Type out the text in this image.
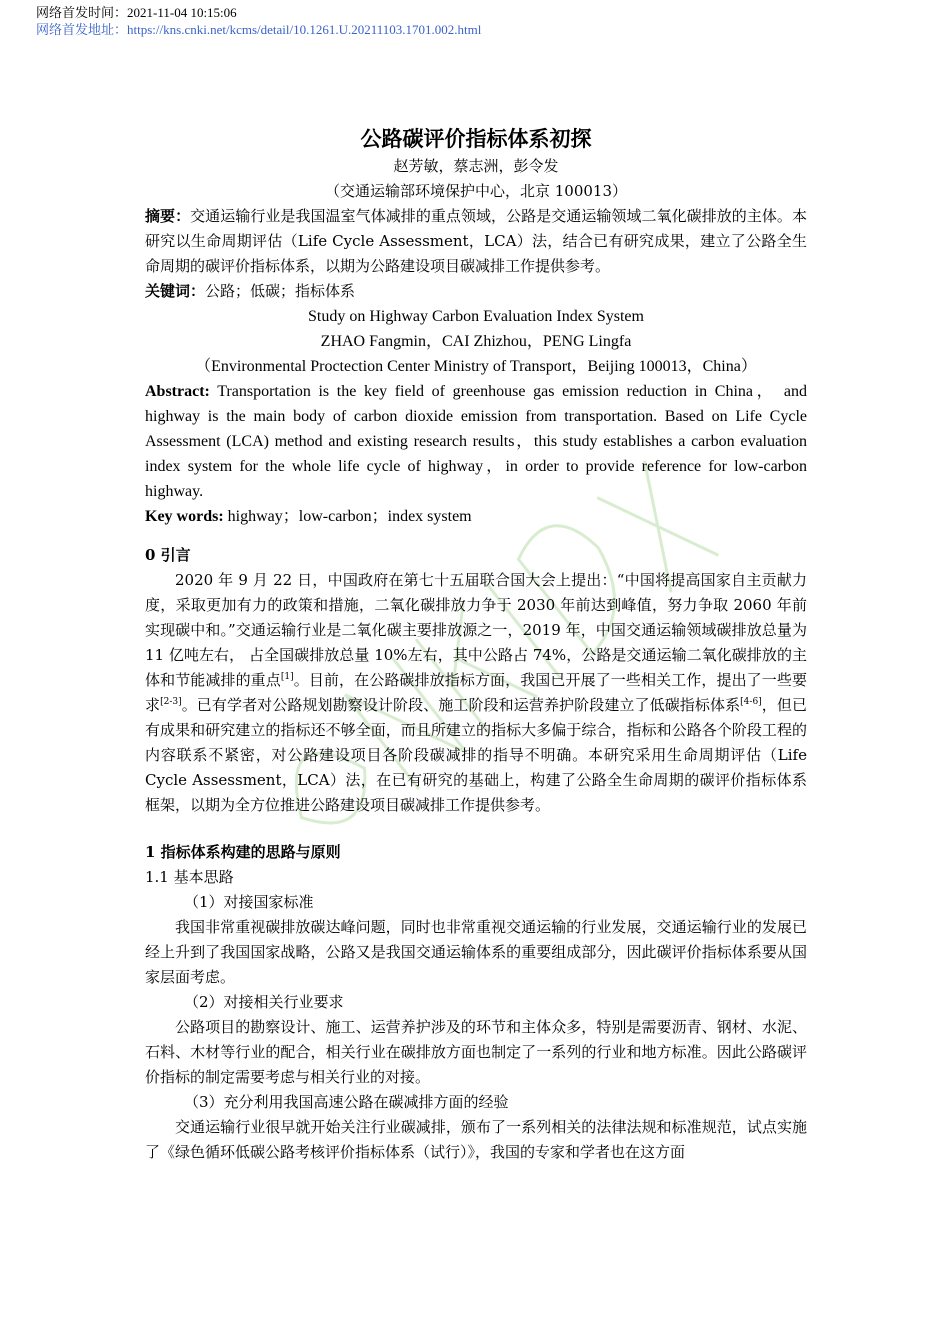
网络首发时间：2021-11-04 10:15:06
网络首发地址：https://kns.cnki.net/kcms/detail/10.1261.U.20211103.1701.002.html
公路碳评价指标体系初探
赵芳敏，蔡志洲，彭令发
（交通运输部环境保护中心，北京 100013）

摘要：交通运输行业是我国温室气体减排的重点领域，公路是交通运输领域二氧化碳排放的主体。本研究以生命周期评估（Life Cycle Assessment，LCA）法，结合已有研究成果，建立了公路全生命周期的碳评价指标体系，以期为公路建设项目碳减排工作提供参考。

关键词：公路；低碳；指标体系

Study on Highway Carbon Evaluation Index System
ZHAO Fangmin，CAI Zhizhou，PENG Lingfa
（Environmental Proctection Center Ministry of Transport，Beijing 100013，China）

Abstract: Transportation is the key field of greenhouse gas emission reduction in China， and highway is the main body of carbon dioxide emission from transportation. Based on Life Cycle Assessment (LCA) method and existing research results，this study establishes a carbon evaluation index system for the whole life cycle of highway，in order to provide reference for low-carbon highway.

Key words: highway；low-carbon；index system

0 引言

2020 年 9 月 22 日，中国政府在第七十五届联合国大会上提出：“中国将提高国家自主贡献力度，采取更加有力的政策和措施，二氧化碳排放力争于 2030 年前达到峰值，努力争取 2060 年前实现碳中和。”交通运输行业是二氧化碳主要排放源之一，2019 年，中国交通运输领域碳排放总量为 11 亿吨左右， 占全国碳排放总量 10%左右，其中公路占 74%，公路是交通运输二氧化碳排放的主体和节能减排的重点[1]。目前，在公路碳排放指标方面，我国已开展了一些相关工作，提出了一些要求[2-3]。已有学者对公路规划勘察设计阶段、施工阶段和运营养护阶段建立了低碳指标体系[4-6]，但已有成果和研究建立的指标还不够全面，而且所建立的指标大多偏于综合，指标和公路各个阶段工程的内容联系不紧密，对公路建设项目各阶段碳减排的指导不明确。本研究采用生命周期评估（Life Cycle Assessment，LCA）法，在已有研究的基础上，构建了公路全生命周期的碳评价指标体系框架，以期为全方位推进公路建设项目碳减排工作提供参考。

1 指标体系构建的思路与原则
1.1 基本思路
（1）对接国家标准

我国非常重视碳排放碳达峰问题，同时也非常重视交通运输的行业发展，交通运输行业的发展已经上升到了我国国家战略，公路又是我国交通运输体系的重要组成部分，因此碳评价指标体系要从国家层面考虑。

（2）对接相关行业要求

公路项目的勘察设计、施工、运营养护涉及的环节和主体众多，特别是需要沥青、钢材、水泥、石料、木材等行业的配合，相关行业在碳排放方面也制定了一系列的行业和地方标准。因此公路碳评价指标的制定需要考虑与相关行业的对接。

（3）充分利用我国高速公路在碳减排方面的经验

交通运输行业很早就开始关注行业碳减排，颁布了一系列相关的法律法规和标准规范，试点实施了《绿色循环低碳公路考核评价指标体系（试行）》，我国的专家和学者也在这方面
